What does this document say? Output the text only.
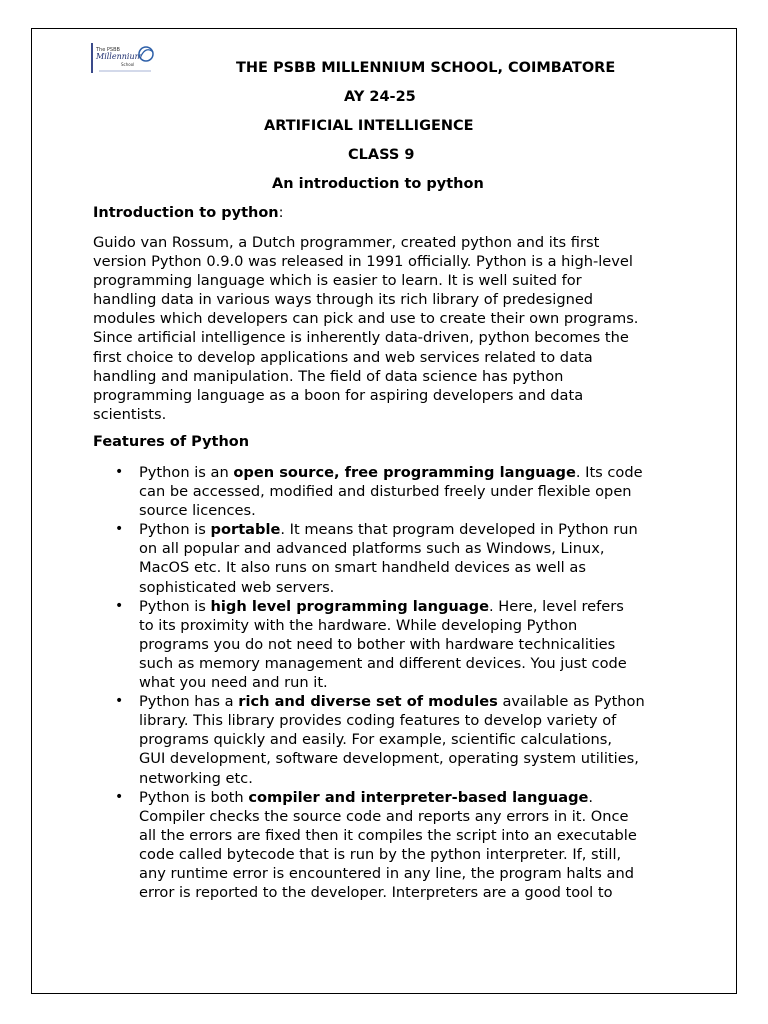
The PSBB
Millennium
School	THE PSBB MILLENNIUM SCHOOL, COIMBATORE
AY 24-25
ARTIFICIAL INTELLIGENCE
CLASS 9
An introduction to python
Introduction to python:
Guido van Rossum, a Dutch programmer, created python and its first
version Python 0.9.0 was released in 1991 officially. Python is a high-level
programming language which is easier to learn. It is well suited for
handling data in various ways through its rich library of predesigned
modules which developers can pick and use to create their own programs.
Since artificial intelligence is inherently data-driven, python becomes the
first choice to develop applications and web services related to data
handling and manipulation. The field of data science has python
programming language as a boon for aspiring developers and data
scientists.
Features of Python
• Python is an open source, free programming language. Its code
can be accessed, modified and disturbed freely under flexible open
source licences.
• Python is portable. It means that program developed in Python run
on all popular and advanced platforms such as Windows, Linux,
MacOS etc. It also runs on smart handheld devices as well as
sophisticated web servers.
• Python is high level programming language. Here, level refers
to its proximity with the hardware. While developing Python
programs you do not need to bother with hardware technicalities
such as memory management and different devices. You just code
what you need and run it.
• Python has a rich and diverse set of modules available as Python
library. This library provides coding features to develop variety of
programs quickly and easily. For example, scientific calculations,
GUI development, software development, operating system utilities,
networking etc.
• Python is both compiler and interpreter-based language.
Compiler checks the source code and reports any errors in it. Once
all the errors are fixed then it compiles the script into an executable
code called bytecode that is run by the python interpreter. If, still,
any runtime error is encountered in any line, the program halts and
error is reported to the developer. Interpreters are a good tool to
